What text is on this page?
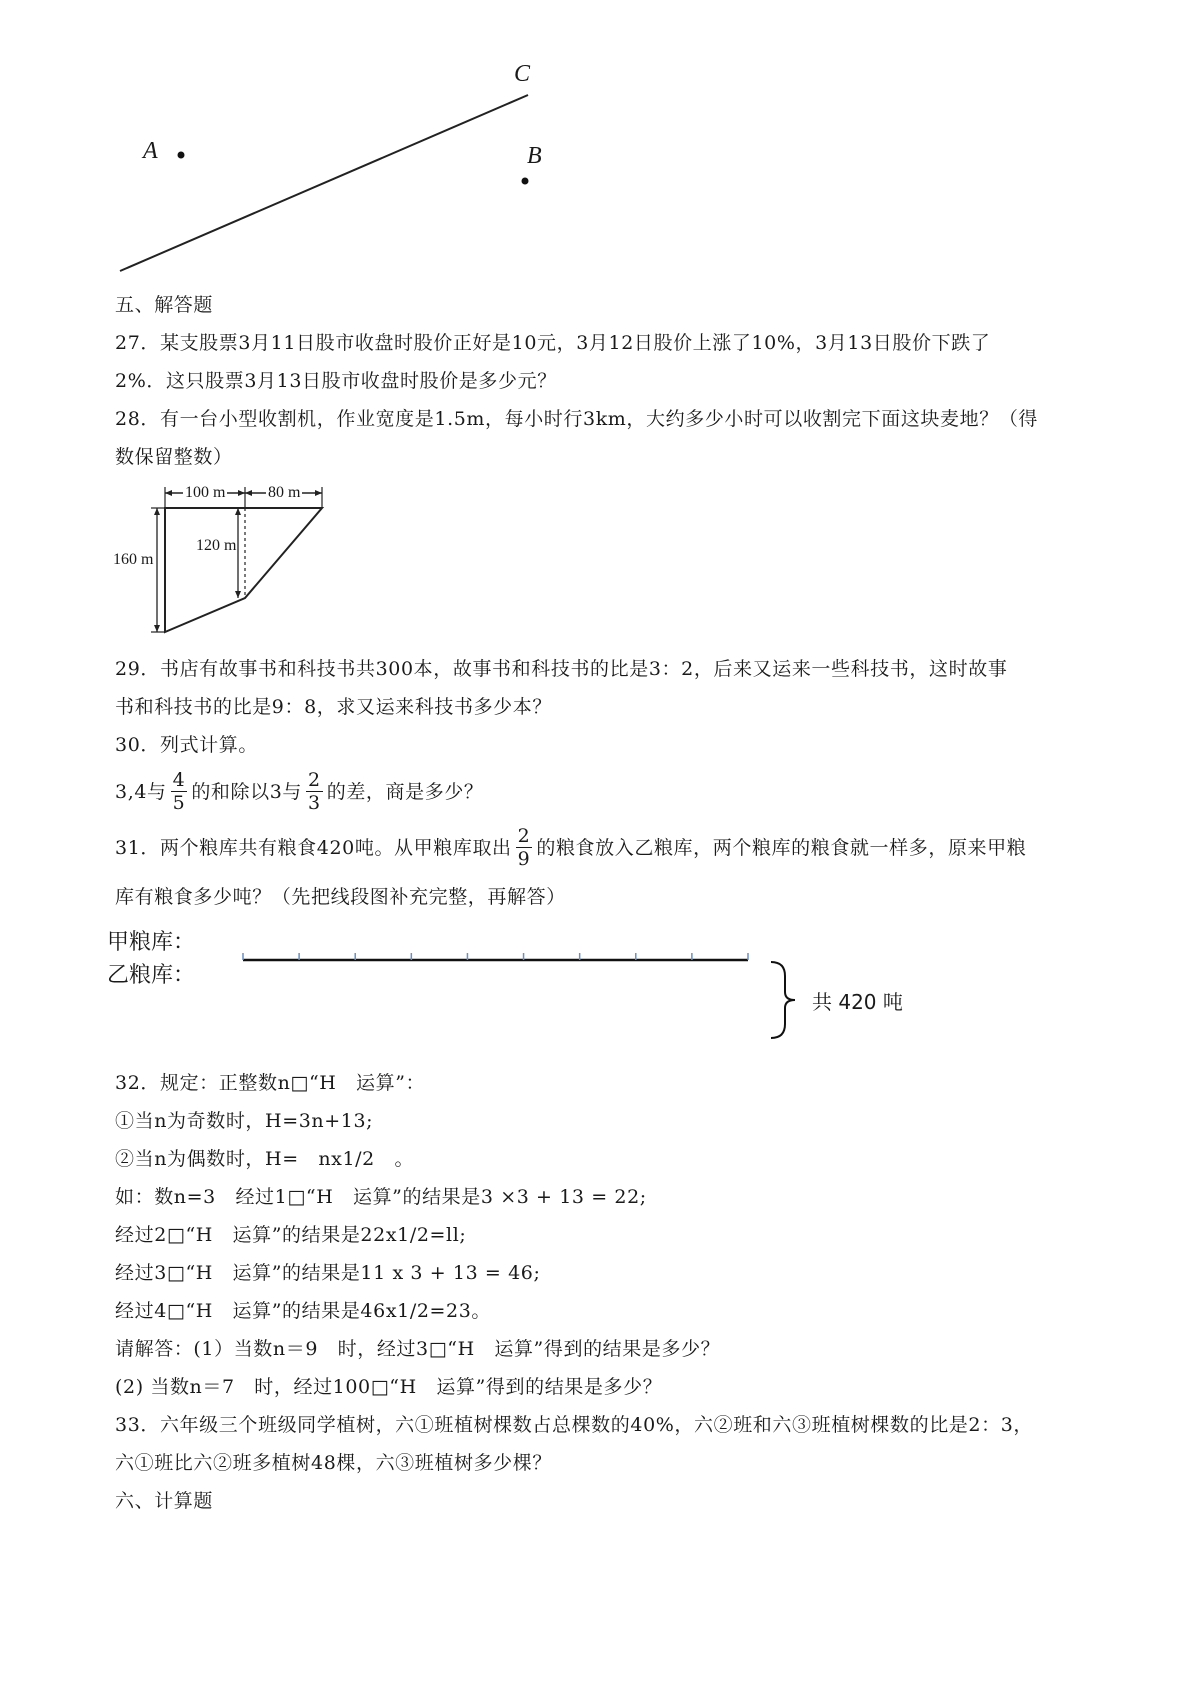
A	B
C
五、解答题
27．某支股票3月11日股市收盘时股价正好是10元，3月12日股价上涨了10%，3月13日股价下跌了
2%．这只股票3月13日股市收盘时股价是多少元？
28．有一台小型收割机，作业宽度是1.5m，每小时行3km，大约多少小时可以收割完下面这块麦地？（得
数保留整数）
100 m	80 m
120 m
160 m
29．书店有故事书和科技书共300本，故事书和科技书的比是3：2，后来又运来一些科技书，这时故事
书和科技书的比是9：8，求又运来科技书多少本？
30．列式计算。
3,4与 $\frac{4}{5}$ 的和除以3与 $\frac{2}{3}$ 的差，商是多少？
31．两个粮库共有粮食420吨。从甲粮库取出 $\frac{2}{9}$ 的粮食放入乙粮库，两个粮库的粮食就一样多，原来甲粮
库有粮食多少吨？（先把线段图补充完整，再解答）
甲粮库：
乙粮库：
共 420 吨
32．规定：正整数n□“H　运算”：
①当n为奇数时，H=3n+13;
②当n为偶数时，H=　nx1/2　。
如：数n=3　经过1□“H　运算”的结果是3 ×3 + 13 = 22;
经过2□“H　运算”的结果是22x1/2=ll;
经过3□“H　运算”的结果是11 x 3 + 13 = 46;
经过4□“H　运算”的结果是46x1/2=23。
请解答：(1）当数n＝9　时，经过3□“H　运算”得到的结果是多少？
(2) 当数n＝7　时，经过100□“H　运算”得到的结果是多少？
33．六年级三个班级同学植树，六①班植树棵数占总棵数的40%，六②班和六③班植树棵数的比是2：3，
六①班比六②班多植树48棵，六③班植树多少棵？
六、计算题
